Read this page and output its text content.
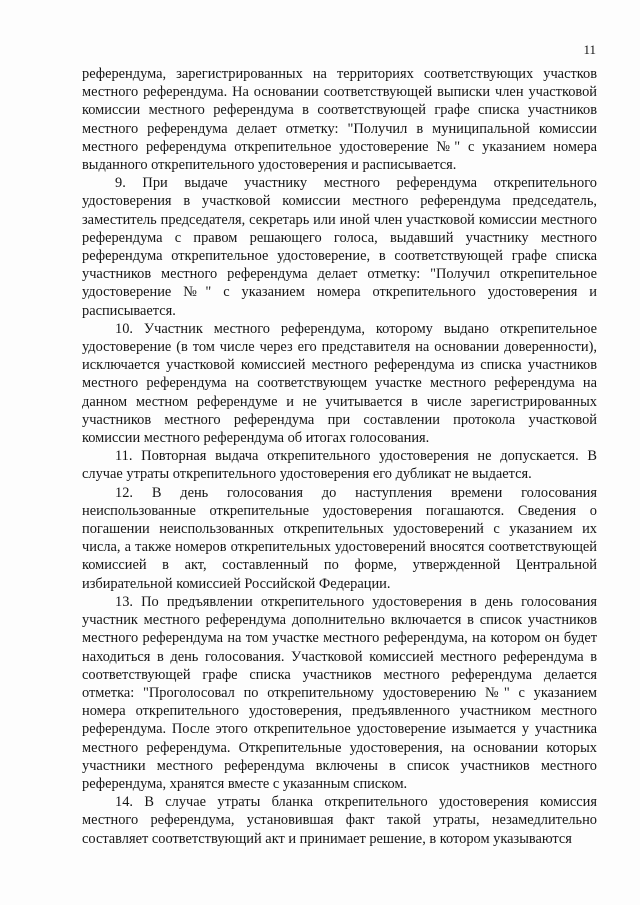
11

референдума, зарегистрированных на территориях соответствующих участков местного референдума. На основании соответствующей выписки член участковой комиссии местного референдума в соответствующей графе списка участников местного референдума делает отметку: "Получил в муниципальной комиссии местного референдума открепительное удостоверение №" с указанием номера выданного открепительного удостоверения и расписывается.

9. При выдаче участнику местного референдума открепительного удостоверения в участковой комиссии местного референдума председатель, заместитель председателя, секретарь или иной член участковой комиссии местного референдума с правом решающего голоса, выдавший участнику местного референдума открепительное удостоверение, в соответствующей графе списка участников местного референдума делает отметку: "Получил открепительное удостоверение №" с указанием номера открепительного удостоверения и расписывается.

10. Участник местного референдума, которому выдано открепительное удостоверение (в том числе через его представителя на основании доверенности), исключается участковой комиссией местного референдума из списка участников местного референдума на соответствующем участке местного референдума на данном местном референдуме и не учитывается в числе зарегистрированных участников местного референдума при составлении протокола участковой комиссии местного референдума об итогах голосования.

11. Повторная выдача открепительного удостоверения не допускается. В случае утраты открепительного удостоверения его дубликат не выдается.

12. В день голосования до наступления времени голосования неиспользованные открепительные удостоверения погашаются. Сведения о погашении неиспользованных открепительных удостоверений с указанием их числа, а также номеров открепительных удостоверений вносятся соответствующей комиссией в акт, составленный по форме, утвержденной Центральной избирательной комиссией Российской Федерации.

13. По предъявлении открепительного удостоверения в день голосования участник местного референдума дополнительно включается в список участников местного референдума на том участке местного референдума, на котором он будет находиться в день голосования. Участковой комиссией местного референдума в соответствующей графе списка участников местного референдума делается отметка: "Проголосовал по открепительному удостоверению №" с указанием номера открепительного удостоверения, предъявленного участником местного референдума. После этого открепительное удостоверение изымается у участника местного референдума. Открепительные удостоверения, на основании которых участники местного референдума включены в список участников местного референдума, хранятся вместе с указанным списком.

14. В случае утраты бланка открепительного удостоверения комиссия местного референдума, установившая факт такой утраты, незамедлительно составляет соответствующий акт и принимает решение, в котором указываются
